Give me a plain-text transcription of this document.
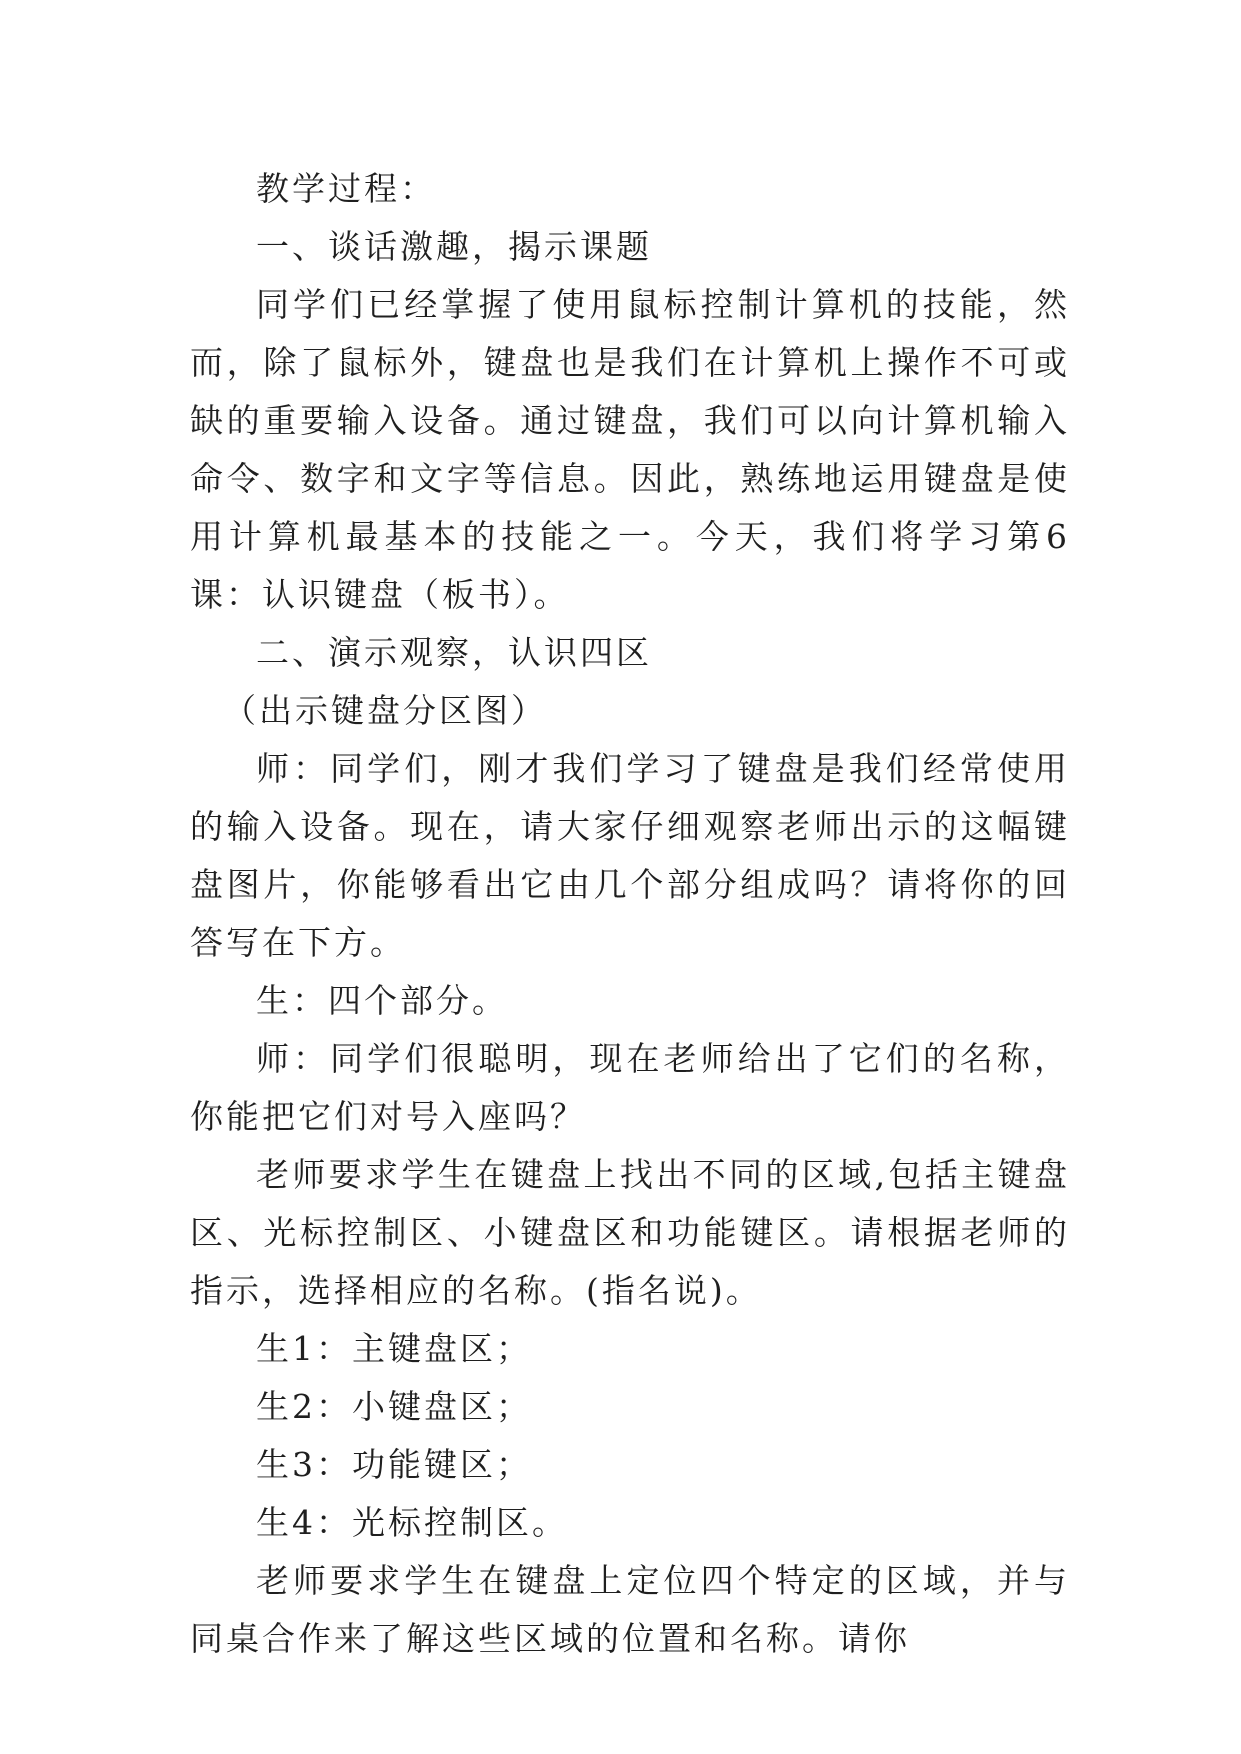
教学过程：

一、谈话激趣，揭示课题

同学们已经掌握了使用鼠标控制计算机的技能，然而，除了鼠标外，键盘也是我们在计算机上操作不可或缺的重要输入设备。通过键盘，我们可以向计算机输入命令、数字和文字等信息。因此，熟练地运用键盘是使用计算机最基本的技能之一。今天，我们将学习第6课：认识键盘（板书）。

二、演示观察，认识四区

（出示键盘分区图）

师：同学们，刚才我们学习了键盘是我们经常使用的输入设备。现在，请大家仔细观察老师出示的这幅键盘图片，你能够看出它由几个部分组成吗？请将你的回答写在下方。

生：四个部分。

师：同学们很聪明，现在老师给出了它们的名称，你能把它们对号入座吗？

老师要求学生在键盘上找出不同的区域,包括主键盘区、光标控制区、小键盘区和功能键区。请根据老师的指示，选择相应的名称。(指名说)。

生1：主键盘区；

生2：小键盘区；

生3：功能键区；

生4：光标控制区。

老师要求学生在键盘上定位四个特定的区域，并与同桌合作来了解这些区域的位置和名称。请你
